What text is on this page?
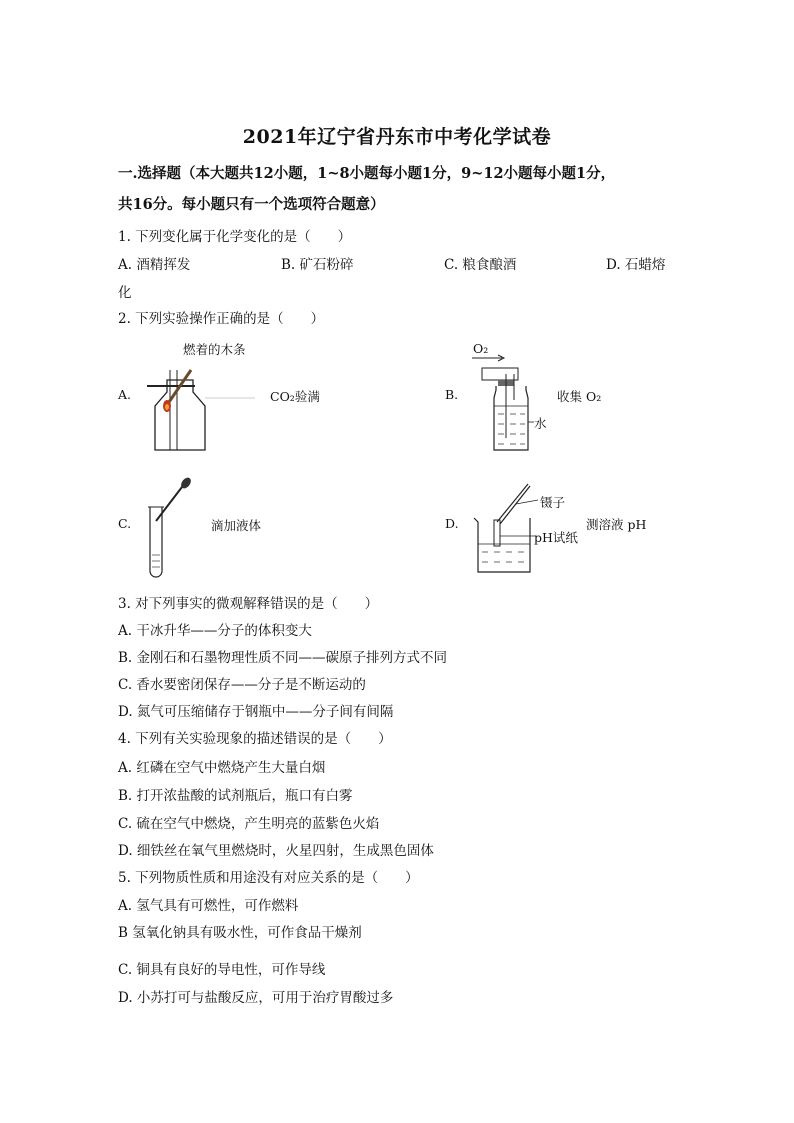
2021年辽宁省丹东市中考化学试卷
一.选择题（本大题共12小题，1~8小题每小题1分，9~12小题每小题1分，
共16分。每小题只有一个选项符合题意）
1. 下列变化属于化学变化的是（　　）
A. 酒精挥发	B. 矿石粉碎	C. 粮食酿酒	D. 石蜡熔
化
2. 下列实验操作正确的是（　　）
A.
燃着的木条
CO₂验满	B.
O₂
水
收集 O₂
C.	滴加液体	D.
镊子
pH试纸
测溶液 pH
3. 对下列事实的微观解释错误的是（　　）
A. 干冰升华——分子的体积变大
B. 金刚石和石墨物理性质不同——碳原子排列方式不同
C. 香水要密闭保存——分子是不断运动的
D. 氮气可压缩储存于钢瓶中——分子间有间隔
4. 下列有关实验现象的描述错误的是（　　）
A. 红磷在空气中燃烧产生大量白烟
B. 打开浓盐酸的试剂瓶后，瓶口有白雾
C. 硫在空气中燃烧，产生明亮的蓝紫色火焰
D. 细铁丝在氧气里燃烧时，火星四射，生成黑色固体
5. 下列物质性质和用途没有对应关系的是（　　）
A. 氢气具有可燃性，可作燃料
B 氢氧化钠具有吸水性，可作食品干燥剂
C. 铜具有良好的导电性，可作导线
D. 小苏打可与盐酸反应，可用于治疗胃酸过多
